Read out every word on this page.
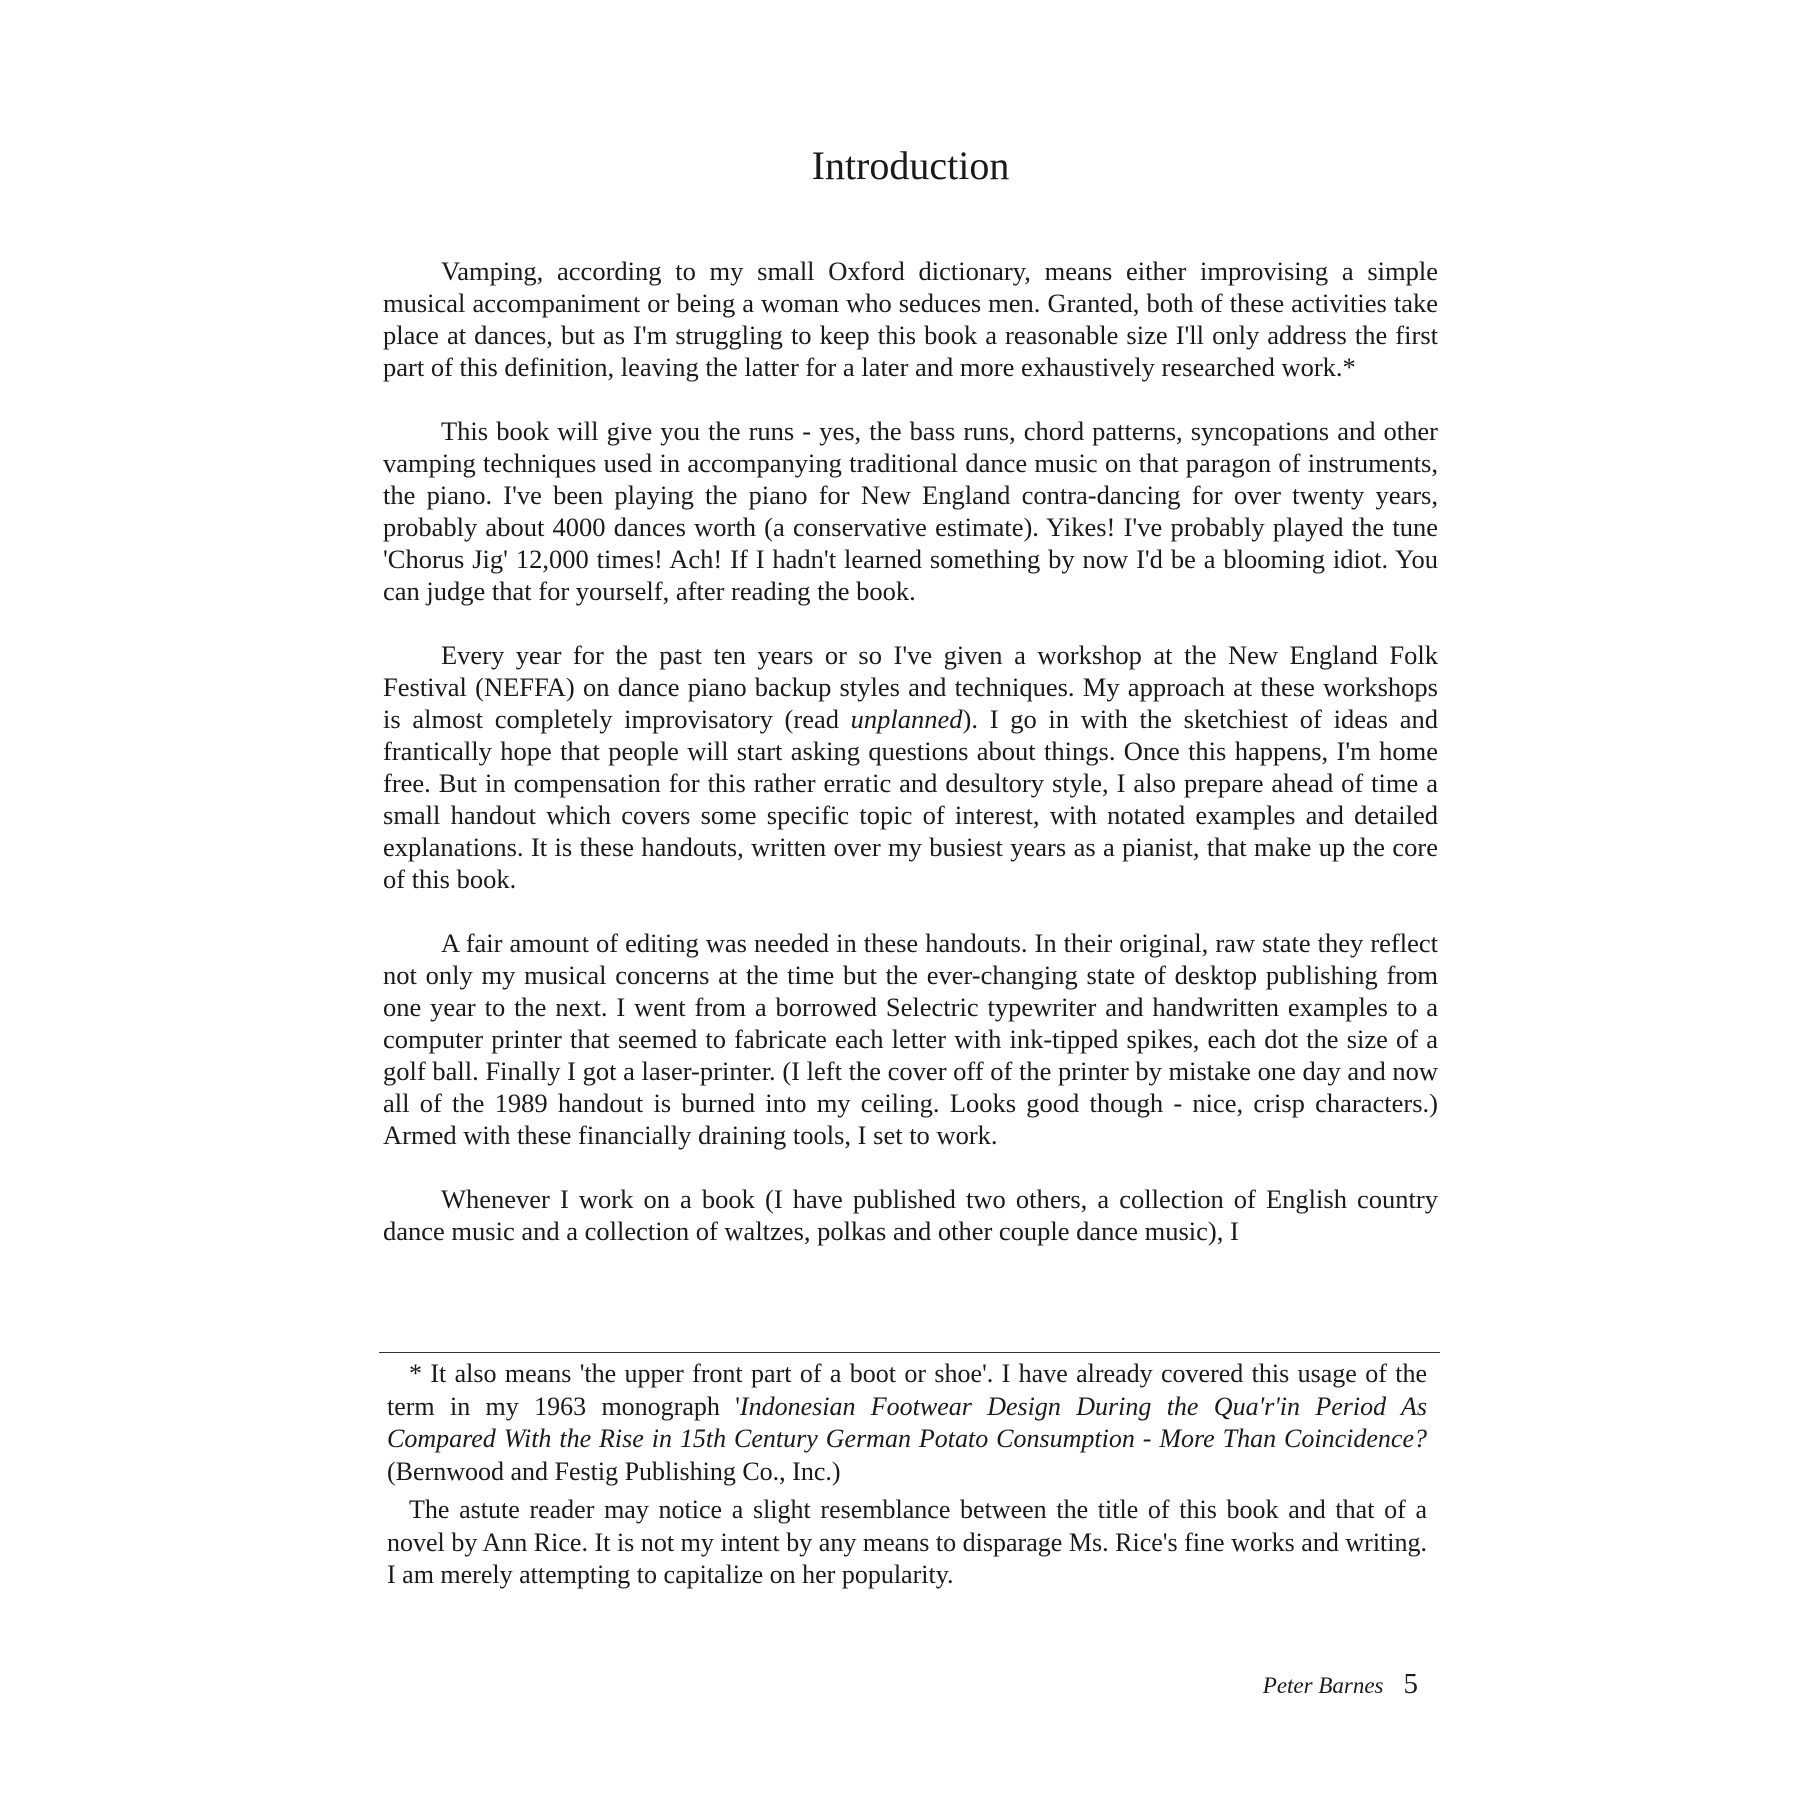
Introduction

Vamping, according to my small Oxford dictionary, means either improvising a simple musical accompaniment or being a woman who seduces men. Granted, both of these activities take place at dances, but as I'm struggling to keep this book a reasonable size I'll only address the first part of this definition, leaving the latter for a later and more exhaustively researched work.*

This book will give you the runs - yes, the bass runs, chord patterns, syncopations and other vamping techniques used in accompanying traditional dance music on that paragon of instruments, the piano. I've been playing the piano for New England contra-dancing for over twenty years, probably about 4000 dances worth (a conservative estimate). Yikes! I've probably played the tune 'Chorus Jig' 12,000 times! Ach! If I hadn't learned something by now I'd be a blooming idiot. You can judge that for yourself, after reading the book.

Every year for the past ten years or so I've given a workshop at the New England Folk Festival (NEFFA) on dance piano backup styles and techniques. My approach at these workshops is almost completely improvisatory (read unplanned). I go in with the sketchiest of ideas and frantically hope that people will start asking questions about things. Once this happens, I'm home free. But in compensation for this rather erratic and desultory style, I also prepare ahead of time a small handout which covers some specific topic of interest, with notated examples and detailed explanations. It is these handouts, written over my busiest years as a pianist, that make up the core of this book.

A fair amount of editing was needed in these handouts. In their original, raw state they reflect not only my musical concerns at the time but the ever-changing state of desktop publishing from one year to the next. I went from a borrowed Selectric typewriter and handwritten examples to a computer printer that seemed to fabricate each letter with ink-tipped spikes, each dot the size of a golf ball. Finally I got a laser-printer. (I left the cover off of the printer by mistake one day and now all of the 1989 handout is burned into my ceiling. Looks good though - nice, crisp characters.) Armed with these financially draining tools, I set to work.

Whenever I work on a book (I have published two others, a collection of English country dance music and a collection of waltzes, polkas and other couple dance music), I

* It also means 'the upper front part of a boot or shoe'. I have already covered this usage of the term in my 1963 monograph 'Indonesian Footwear Design During the Qua'r'in Period As Compared With the Rise in 15th Century German Potato Consumption - More Than Coincidence? (Bernwood and Festig Publishing Co., Inc.)

The astute reader may notice a slight resemblance between the title of this book and that of a novel by Ann Rice. It is not my intent by any means to disparage Ms. Rice's fine works and writing. I am merely attempting to capitalize on her popularity.

Peter Barnes 5
